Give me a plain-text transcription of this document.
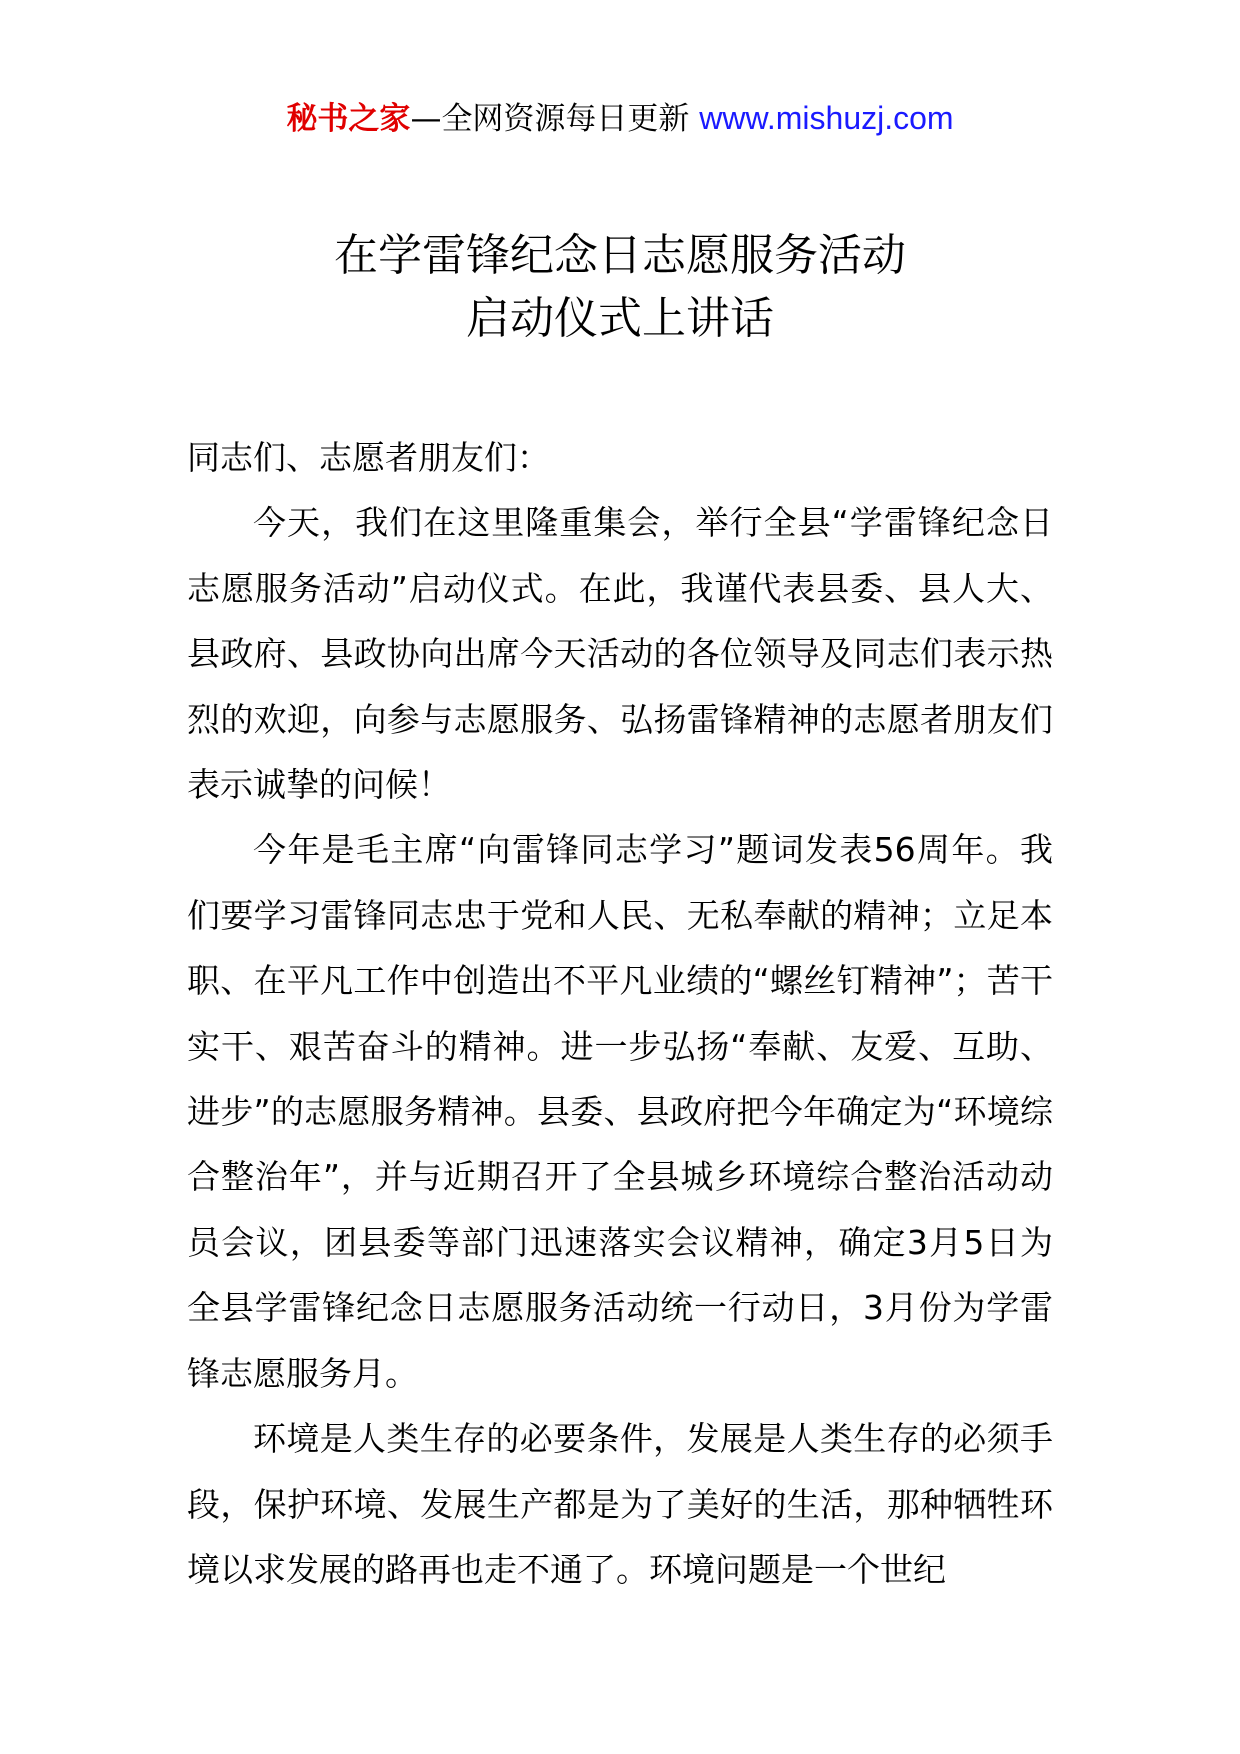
秘书之家—全网资源每日更新 www.mishuzj.com
在学雷锋纪念日志愿服务活动
启动仪式上讲话

同志们、志愿者朋友们：

今天，我们在这里隆重集会，举行全县“学雷锋纪念日志愿服务活动”启动仪式。在此，我谨代表县委、县人大、县政府、县政协向出席今天活动的各位领导及同志们表示热烈的欢迎，向参与志愿服务、弘扬雷锋精神的志愿者朋友们表示诚挚的问候！

今年是毛主席“向雷锋同志学习”题词发表56周年。我们要学习雷锋同志忠于党和人民、无私奉献的精神；立足本职、在平凡工作中创造出不平凡业绩的“螺丝钉精神”；苦干实干、艰苦奋斗的精神。进一步弘扬“奉献、友爱、互助、进步”的志愿服务精神。县委、县政府把今年确定为“环境综合整治年”，并与近期召开了全县城乡环境综合整治活动动员会议，团县委等部门迅速落实会议精神，确定3月5日为全县学雷锋纪念日志愿服务活动统一行动日，3月份为学雷锋志愿服务月。

环境是人类生存的必要条件，发展是人类生存的必须手段，保护环境、发展生产都是为了美好的生活，那种牺牲环境以求发展的路再也走不通了。环境问题是一个世纪
